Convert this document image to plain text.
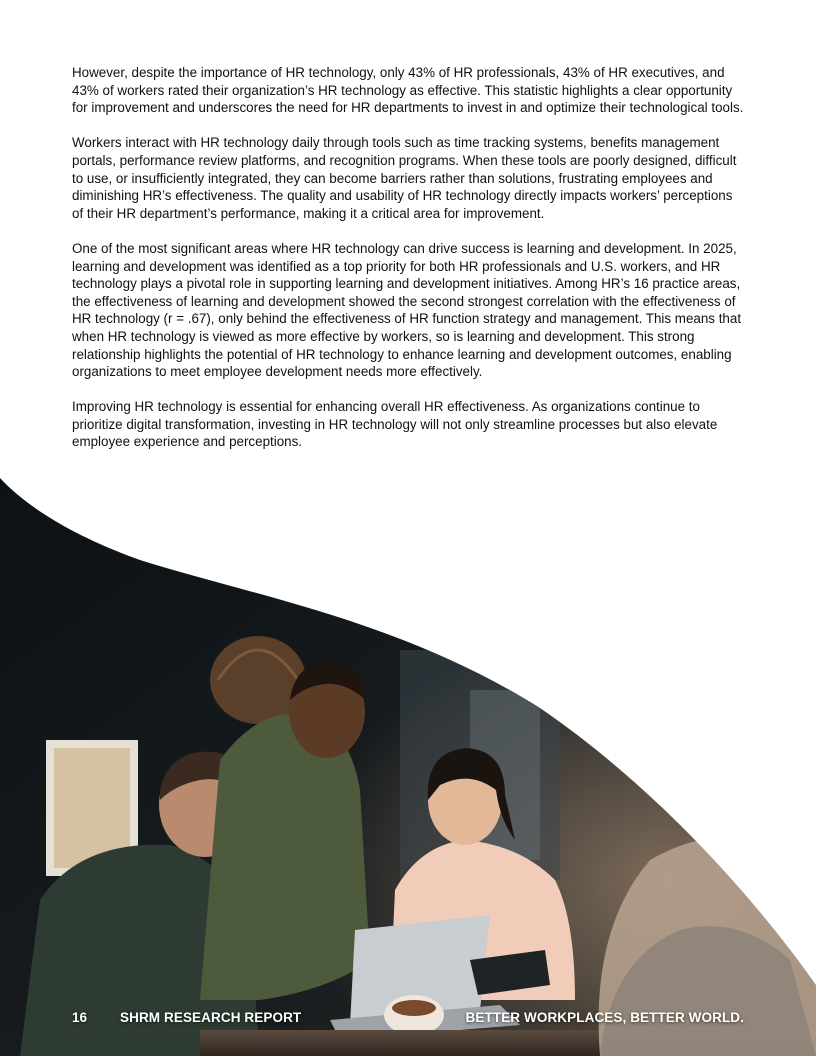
However, despite the importance of HR technology, only 43% of HR professionals, 43% of HR executives, and 43% of workers rated their organization’s HR technology as effective. This statistic highlights a clear opportunity for improvement and underscores the need for HR departments to invest in and optimize their technological tools.

Workers interact with HR technology daily through tools such as time tracking systems, benefits management portals, performance review platforms, and recognition programs. When these tools are poorly designed, difficult to use, or insufficiently integrated, they can become barriers rather than solutions, frustrating employees and diminishing HR’s effectiveness. The quality and usability of HR technology directly impacts workers’ perceptions of their HR department’s performance, making it a critical area for improvement.

One of the most significant areas where HR technology can drive success is learning and development. In 2025, learning and development was identified as a top priority for both HR professionals and U.S. workers, and HR technology plays a pivotal role in supporting learning and development initiatives. Among HR’s 16 practice areas, the effectiveness of learning and development showed the second strongest correlation with the effectiveness of HR technology (r = .67), only behind the effectiveness of HR function strategy and management. This means that when HR technology is viewed as more effective by workers, so is learning and development. This strong relationship highlights the potential of HR technology to enhance learning and development outcomes, enabling organizations to meet employee development needs more effectively.

Improving HR technology is essential for enhancing overall HR effectiveness. As organizations continue to prioritize digital transformation, investing in HR technology will not only streamline processes but also elevate employee experience and perceptions.

16 SHRM RESEARCH REPORT	BETTER WORKPLACES, BETTER WORLD.
